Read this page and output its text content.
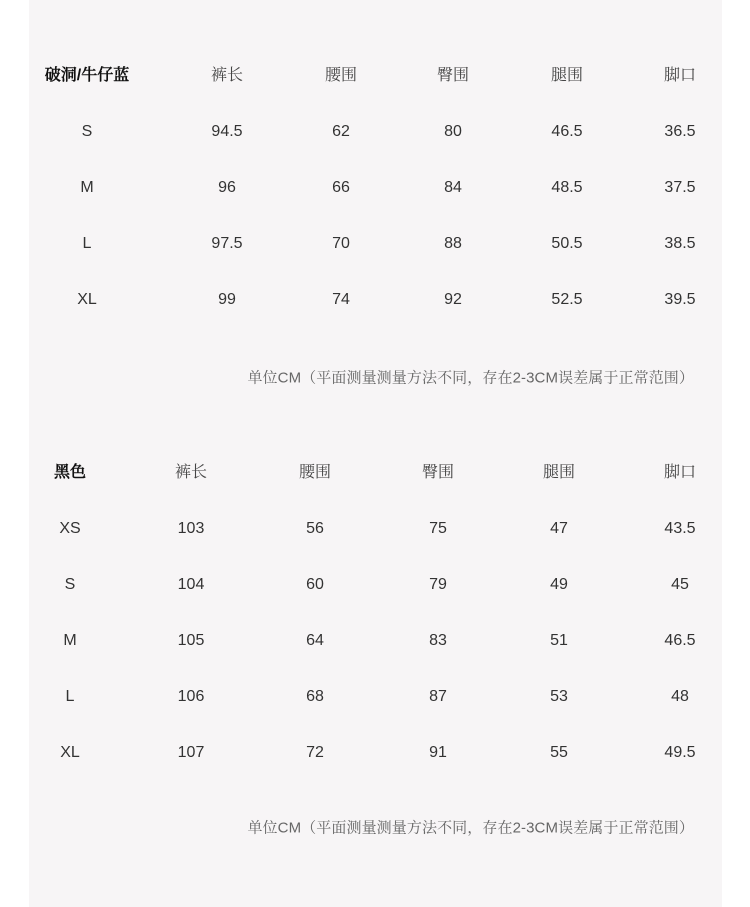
破洞/牛仔蓝	裤长	腰围	臀围	腿围	脚口
S	94.5	62	80	46.5	36.5
M	96	66	84	48.5	37.5
L	97.5	70	88	50.5	38.5
XL	99	74	92	52.5	39.5
单位CM（平面测量测量方法不同，存在2-3CM误差属于正常范围）
黑色	裤长	腰围	臀围	腿围	脚口
XS	103	56	75	47	43.5
S	104	60	79	49	45
M	105	64	83	51	46.5
L	106	68	87	53	48
XL	107	72	91	55	49.5
单位CM（平面测量测量方法不同，存在2-3CM误差属于正常范围）
